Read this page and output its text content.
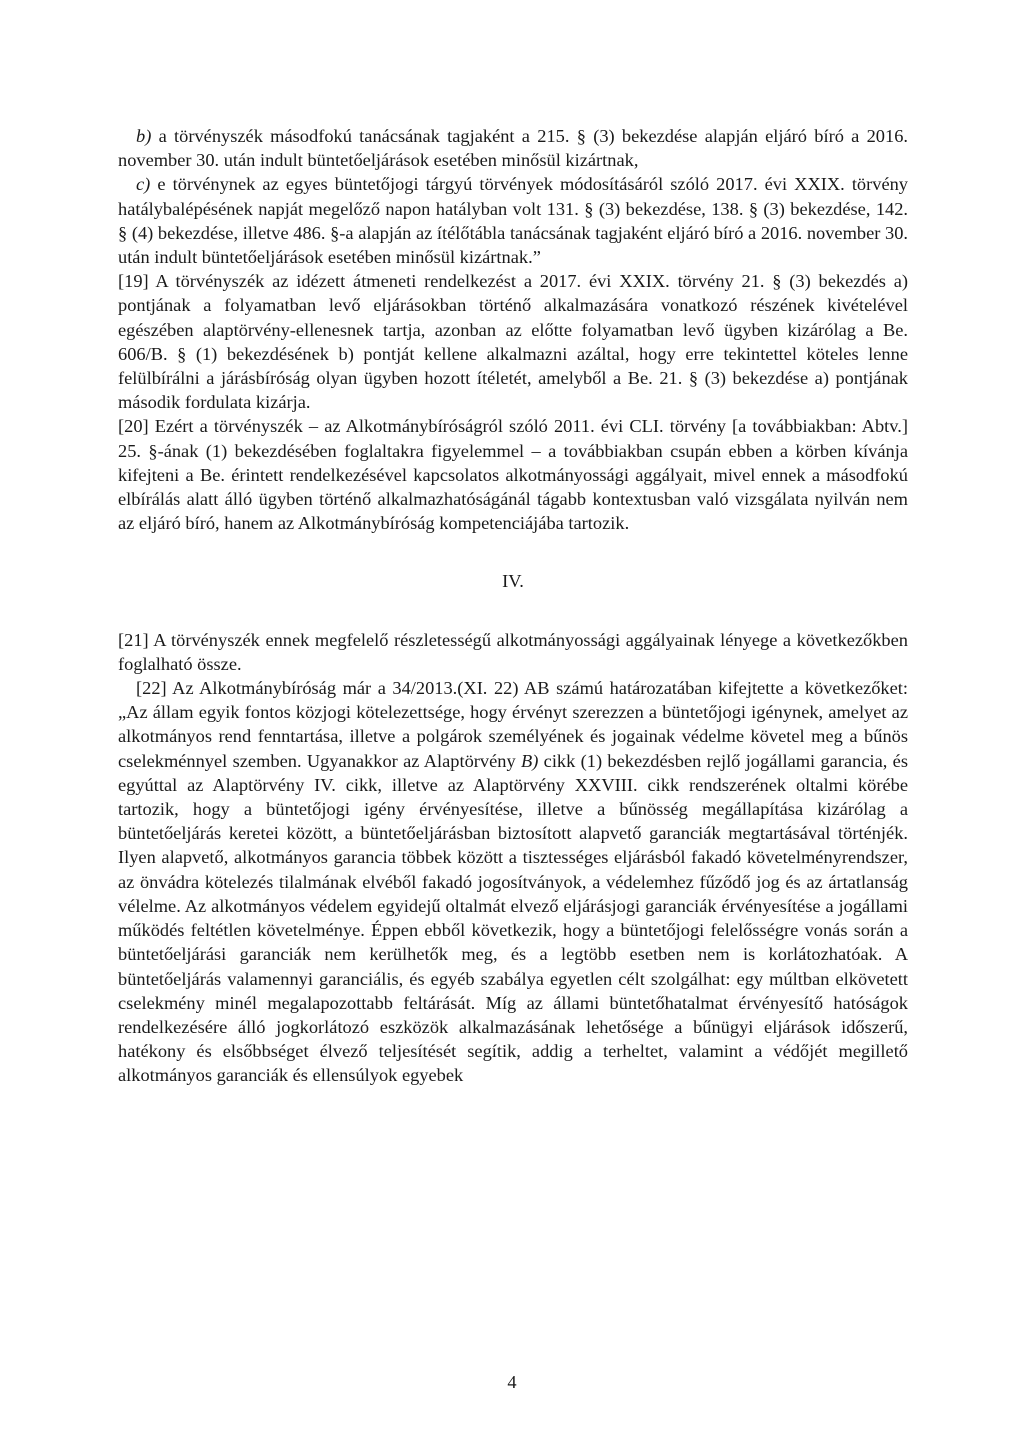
b) a törvényszék másodfokú tanácsának tagjaként a 215. § (3) bekezdése alapján eljáró bíró a 2016. november 30. után indult büntetőeljárások esetében minősül kizártnak,

c) e törvénynek az egyes büntetőjogi tárgyú törvények módosításáról szóló 2017. évi XXIX. törvény hatálybalépésének napját megelőző napon hatályban volt 131. § (3) bekezdése, 138. § (3) bekezdése, 142. § (4) bekezdése, illetve 486. §-a alapján az ítélőtábla tanácsának tagjaként eljáró bíró a 2016. november 30. után indult büntetőeljárások esetében minősül kizártnak.”

[19] A törvényszék az idézett átmeneti rendelkezést a 2017. évi XXIX. törvény 21. § (3) bekezdés a) pontjának a folyamatban levő eljárásokban történő alkalmazására vonatkozó részének kivételével egészében alaptörvény-ellenesnek tartja, azonban az előtte folyamatban levő ügyben kizárólag a Be. 606/B. § (1) bekezdésének b) pontját kellene alkalmazni azáltal, hogy erre tekintettel köteles lenne felülbírálni a járásbíróság olyan ügyben hozott ítéletét, amelyből a Be. 21. § (3) bekezdése a) pontjának második fordulata kizárja.

[20] Ezért a törvényszék – az Alkotmánybíróságról szóló 2011. évi CLI. törvény [a továbbiakban: Abtv.] 25. §-ának (1) bekezdésében foglaltakra figyelemmel – a továbbiakban csupán ebben a körben kívánja kifejteni a Be. érintett rendelkezésével kapcsolatos alkotmányossági aggályait, mivel ennek a másodfokú elbírálás alatt álló ügyben történő alkalmazhatóságánál tágabb kontextusban való vizsgálata nyilván nem az eljáró bíró, hanem az Alkotmánybíróság kompetenciájába tartozik.

IV.

[21] A törvényszék ennek megfelelő részletességű alkotmányossági aggályainak lényege a következőkben foglalható össze.

[22] Az Alkotmánybíróság már a 34/2013.(XI. 22) AB számú határozatában kifejtette a következőket: „Az állam egyik fontos közjogi kötelezettsége, hogy érvényt szerezzen a büntetőjogi igénynek, amelyet az alkotmányos rend fenntartása, illetve a polgárok személyének és jogainak védelme követel meg a bűnös cselekménnyel szemben. Ugyanakkor az Alaptörvény B) cikk (1) bekezdésben rejlő jogállami garancia, és egyúttal az Alaptörvény IV. cikk, illetve az Alaptörvény XXVIII. cikk rendszerének oltalmi körébe tartozik, hogy a büntetőjogi igény érvényesítése, illetve a bűnösség megállapítása kizárólag a büntetőeljárás keretei között, a büntetőeljárásban biztosított alapvető garanciák megtartásával történjék. Ilyen alapvető, alkotmányos garancia többek között a tisztességes eljárásból fakadó követelményrendszer, az önvádra kötelezés tilalmának elvéből fakadó jogosítványok, a védelemhez fűződő jog és az ártatlanság vélelme. Az alkotmányos védelem egyidejű oltalmát elvező eljárásjogi garanciák érvényesítése a jogállami működés feltétlen követelménye. Éppen ebből következik, hogy a büntetőjogi felelősségre vonás során a büntetőeljárási garanciák nem kerülhetők meg, és a legtöbb esetben nem is korlátozhatóak. A büntetőeljárás valamennyi garanciális, és egyéb szabálya egyetlen célt szolgálhat: egy múltban elkövetett cselekmény minél megalapozottabb feltárását. Míg az állami büntetőhatalmat érvényesítő hatóságok rendelkezésére álló jogkorlátozó eszközök alkalmazásának lehetősége a bűnügyi eljárások időszerű, hatékony és elsőbbséget élvező teljesítését segítik, addig a terheltet, valamint a védőjét megillető alkotmányos garanciák és ellensúlyok egyebek

4
